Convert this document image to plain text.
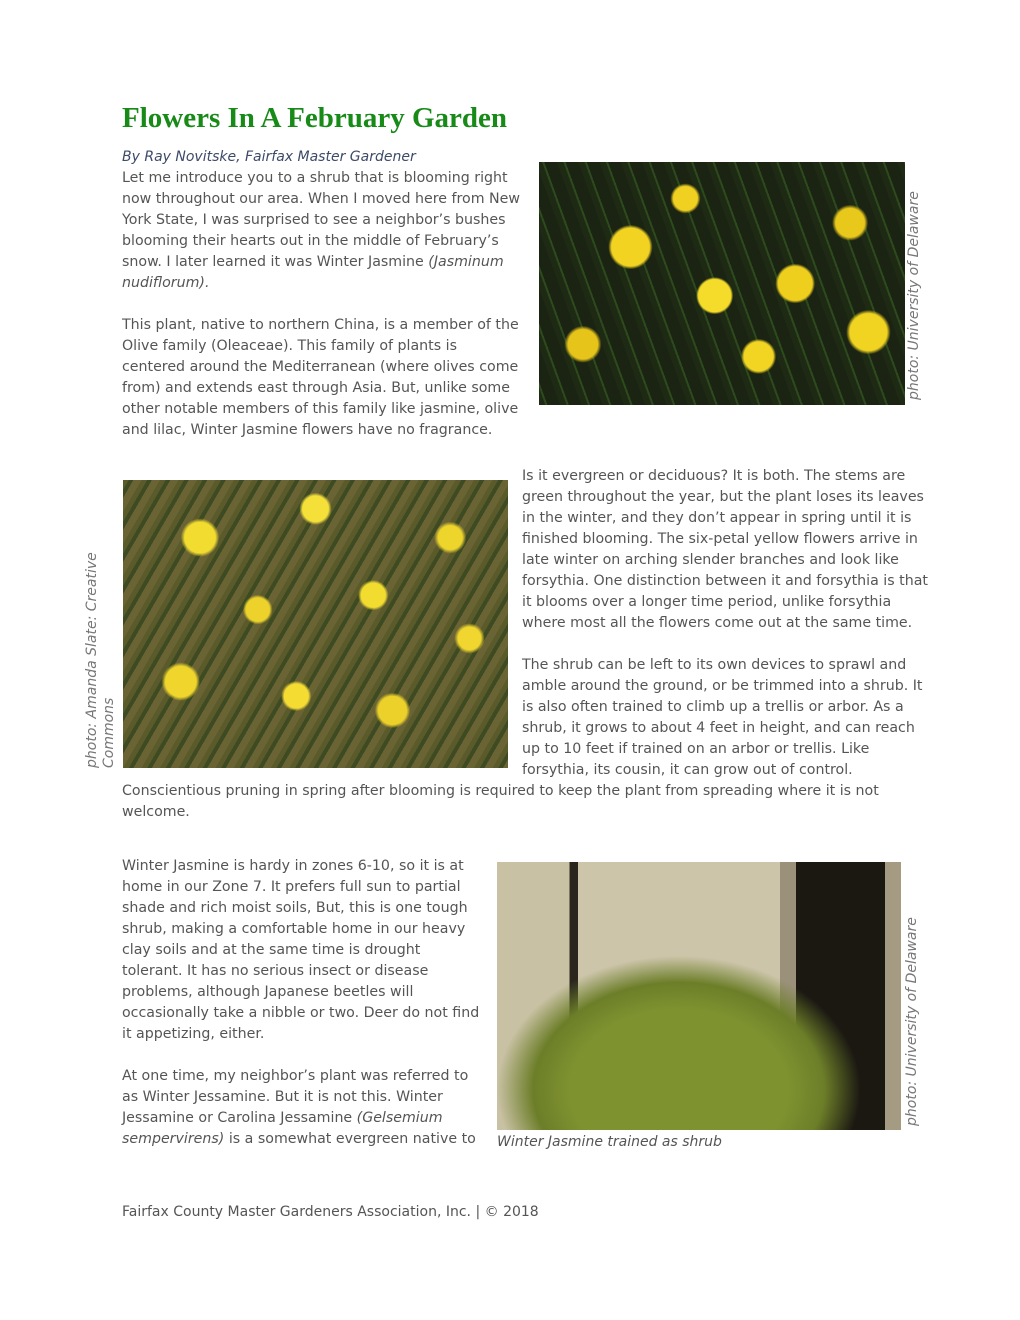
Flowers In A February Garden
By Ray Novitske, Fairfax Master Gardener
photo: University of Delaware

Let me introduce you to a shrub that is blooming right now throughout our area. When I moved here from New York State, I was surprised to see a neighbor’s bushes blooming their hearts out in the middle of February’s snow. I later learned it was Winter Jasmine (Jasminum nudiflorum).

This plant, native to northern China, is a member of the Olive family (Oleaceae). This family of plants is centered around the Mediterranean (where olives come from) and extends east through Asia. But, unlike some other notable members of this family like jasmine, olive and lilac, Winter Jasmine flowers have no fragrance.

photo: Amanda Slate: Creative
Commons

Is it evergreen or deciduous? It is both. The stems are green throughout the year, but the plant loses its leaves in the winter, and they don’t appear in spring until it is finished blooming. The six-petal yellow flowers arrive in late winter on arching slender branches and look like forsythia. One distinction between it and forsythia is that it blooms over a longer time period, unlike forsythia where most all the flowers come out at the same time.

The shrub can be left to its own devices to sprawl and amble around the ground, or be trimmed into a shrub. It is also often trained to climb up a trellis or arbor. As a shrub, it grows to about 4 feet in height, and can reach up to 10 feet if trained on an arbor or trellis. Like forsythia, its cousin, it can grow out of control. Conscientious pruning in spring after blooming is required to keep the plant from spreading where it is not welcome.

photo: University of Delaware
Winter Jasmine trained as shrub

Winter Jasmine is hardy in zones 6-10, so it is at home in our Zone 7. It prefers full sun to partial shade and rich moist soils, But, this is one tough shrub, making a comfortable home in our heavy clay soils and at the same time is drought tolerant. It has no serious insect or disease problems, although Japanese beetles will occasionally take a nibble or two. Deer do not find it appetizing, either.

At one time, my neighbor’s plant was referred to as Winter Jessamine. But it is not this. Winter Jessamine or Carolina Jessamine (Gelsemium sempervirens) is a somewhat evergreen native to

Fairfax County Master Gardeners Association, Inc. | © 2018
